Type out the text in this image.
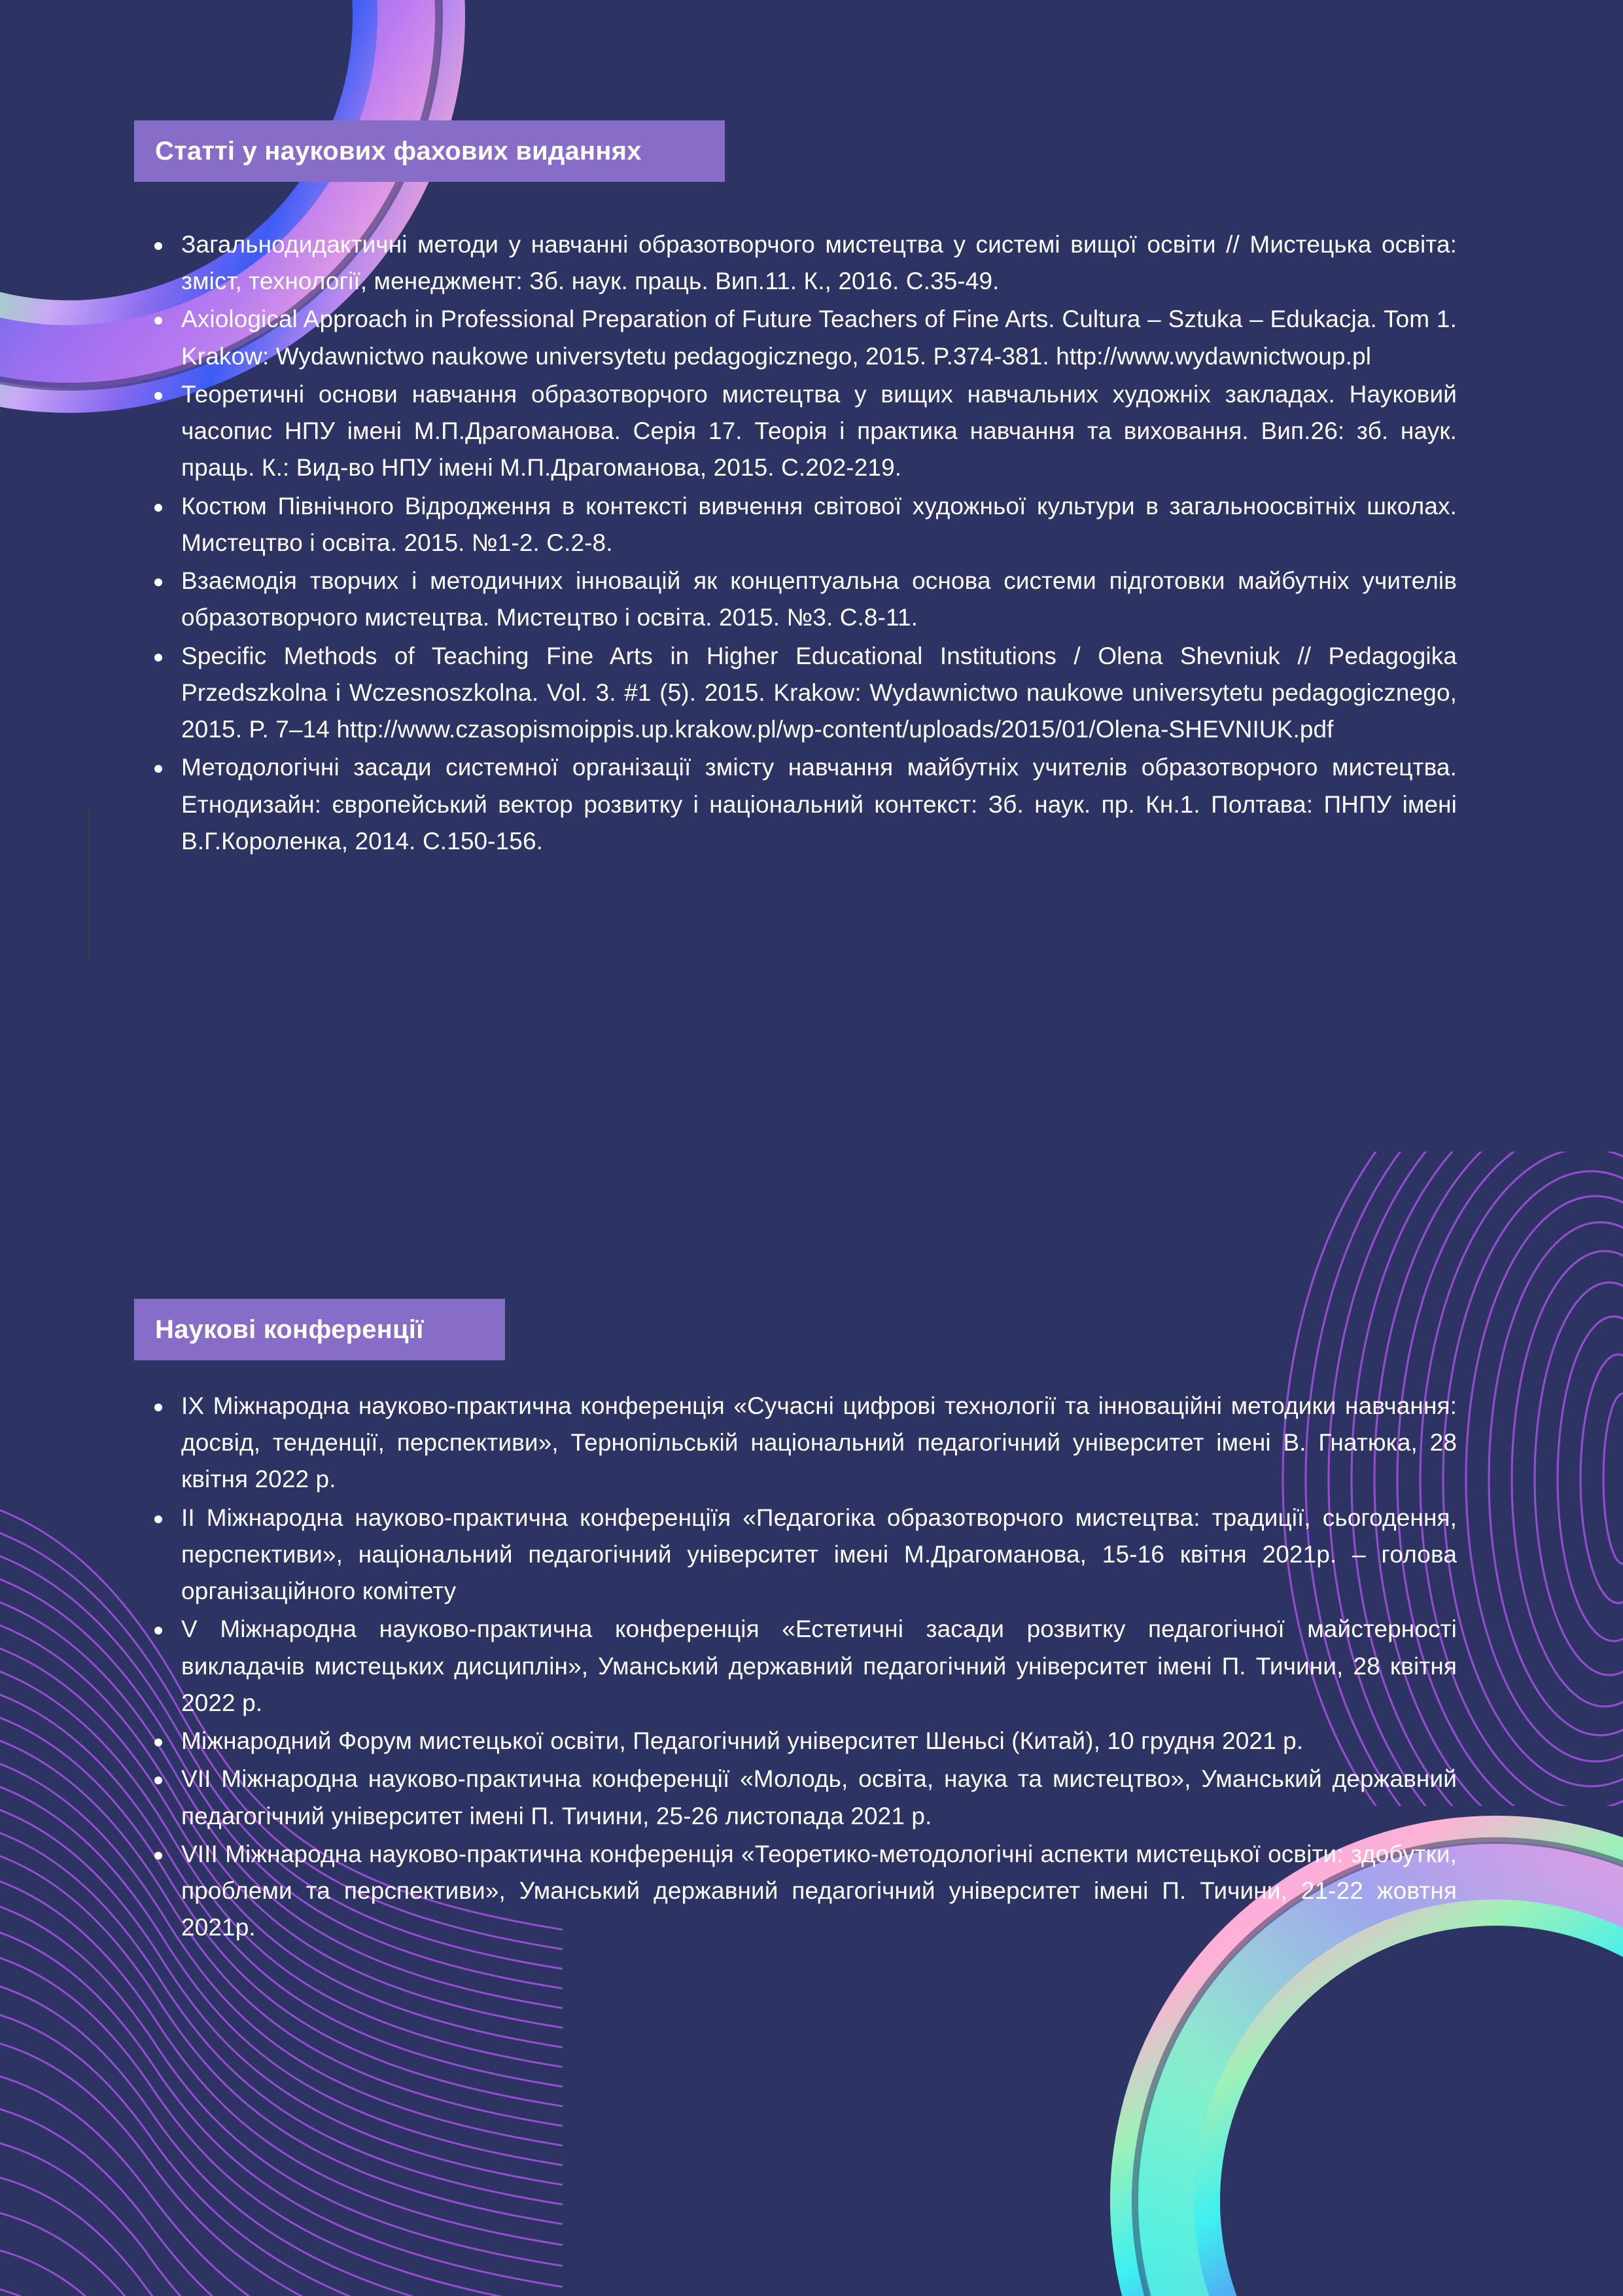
Статті у наукових фахових виданнях
Загальнодидактичні методи у навчанні образотворчого мистецтва у системі вищої освіти // Мистецька освіта: зміст, технології, менеджмент: Зб. наук. праць. Вип.11. К., 2016. С.35-49.
Axiological Approach in Professional Preparation of Future Teachers of Fine Arts. Cultura – Sztuka – Edukacja. Tom 1. Krakow: Wydawnictwo naukowe universytetu pedagogicznego, 2015. P.374-381. http://www.wydawnictwoup.pl
Теоретичні основи навчання образотворчого мистецтва у вищих навчальних художніх закладах. Науковий часопис НПУ імені М.П.Драгоманова. Серія 17. Теорія і практика навчання та виховання. Вип.26: зб. наук. праць. К.: Вид-во НПУ імені М.П.Драгоманова, 2015. С.202-219.
Костюм Північного Відродження в контексті вивчення світової художньої культури в загальноосвітніх школах. Мистецтво і освіта. 2015. №1-2. С.2-8.
Взаємодія творчих і методичних інновацій як концептуальна основа системи підготовки майбутніх учителів образотворчого мистецтва. Мистецтво і освіта. 2015. №3. С.8-11.
Specific Methods of Teaching Fine Arts in Higher Educational Institutions / Olena Shevniuk // Pedagogika Przedszkolna i Wczesnoszkolna. Vol. 3. #1 (5). 2015. Krakow: Wydawnictwo naukowe universytetu pedagogicznego, 2015. P. 7–14 http://www.czasopismoippis.up.krakow.pl/wp-content/uploads/2015/01/Olena-SHEVNIUK.pdf
Методологічні засади системної організації змісту навчання майбутніх учителів образотворчого мистецтва. Етнодизайн: європейський вектор розвитку і національний контекст: Зб. наук. пр. Кн.1. Полтава: ПНПУ імені В.Г.Короленка, 2014. С.150-156.
Наукові конференції
IX Міжнародна науково-практична конференція «Сучасні цифрові технології та інноваційні методики навчання: досвід, тенденції, перспективи», Тернопільській національний педагогічний університет імені В. Гнатюка, 28 квітня 2022 р.
II Міжнародна науково-практична конференціїя «Педагогіка образотворчого мистецтва: традиції, сьогодення, перспективи», національний педагогічний університет імені М.Драгоманова, 15-16 квітня 2021р. – голова організаційного комітету
V Міжнародна науково-практична конференція «Естетичні засади розвитку педагогічної майстерності викладачів мистецьких дисциплін», Уманський державний педагогічний університет імені П. Тичини, 28 квітня 2022 р.
Міжнародний Форум мистецької освіти, Педагогічний університет Шеньсі (Китай), 10 грудня 2021 р.
VII Міжнародна науково-практична конференції «Молодь, освіта, наука та мистецтво», Уманський державний педагогічний університет імені П. Тичини, 25-26 листопада 2021 р.
VIII Міжнародна науково-практична конференція «Теоретико-методологічні аспекти мистецької освіти: здобутки, проблеми та перспективи», Уманський державний педагогічний університет імені П. Тичини, 21-22 жовтня 2021р.
